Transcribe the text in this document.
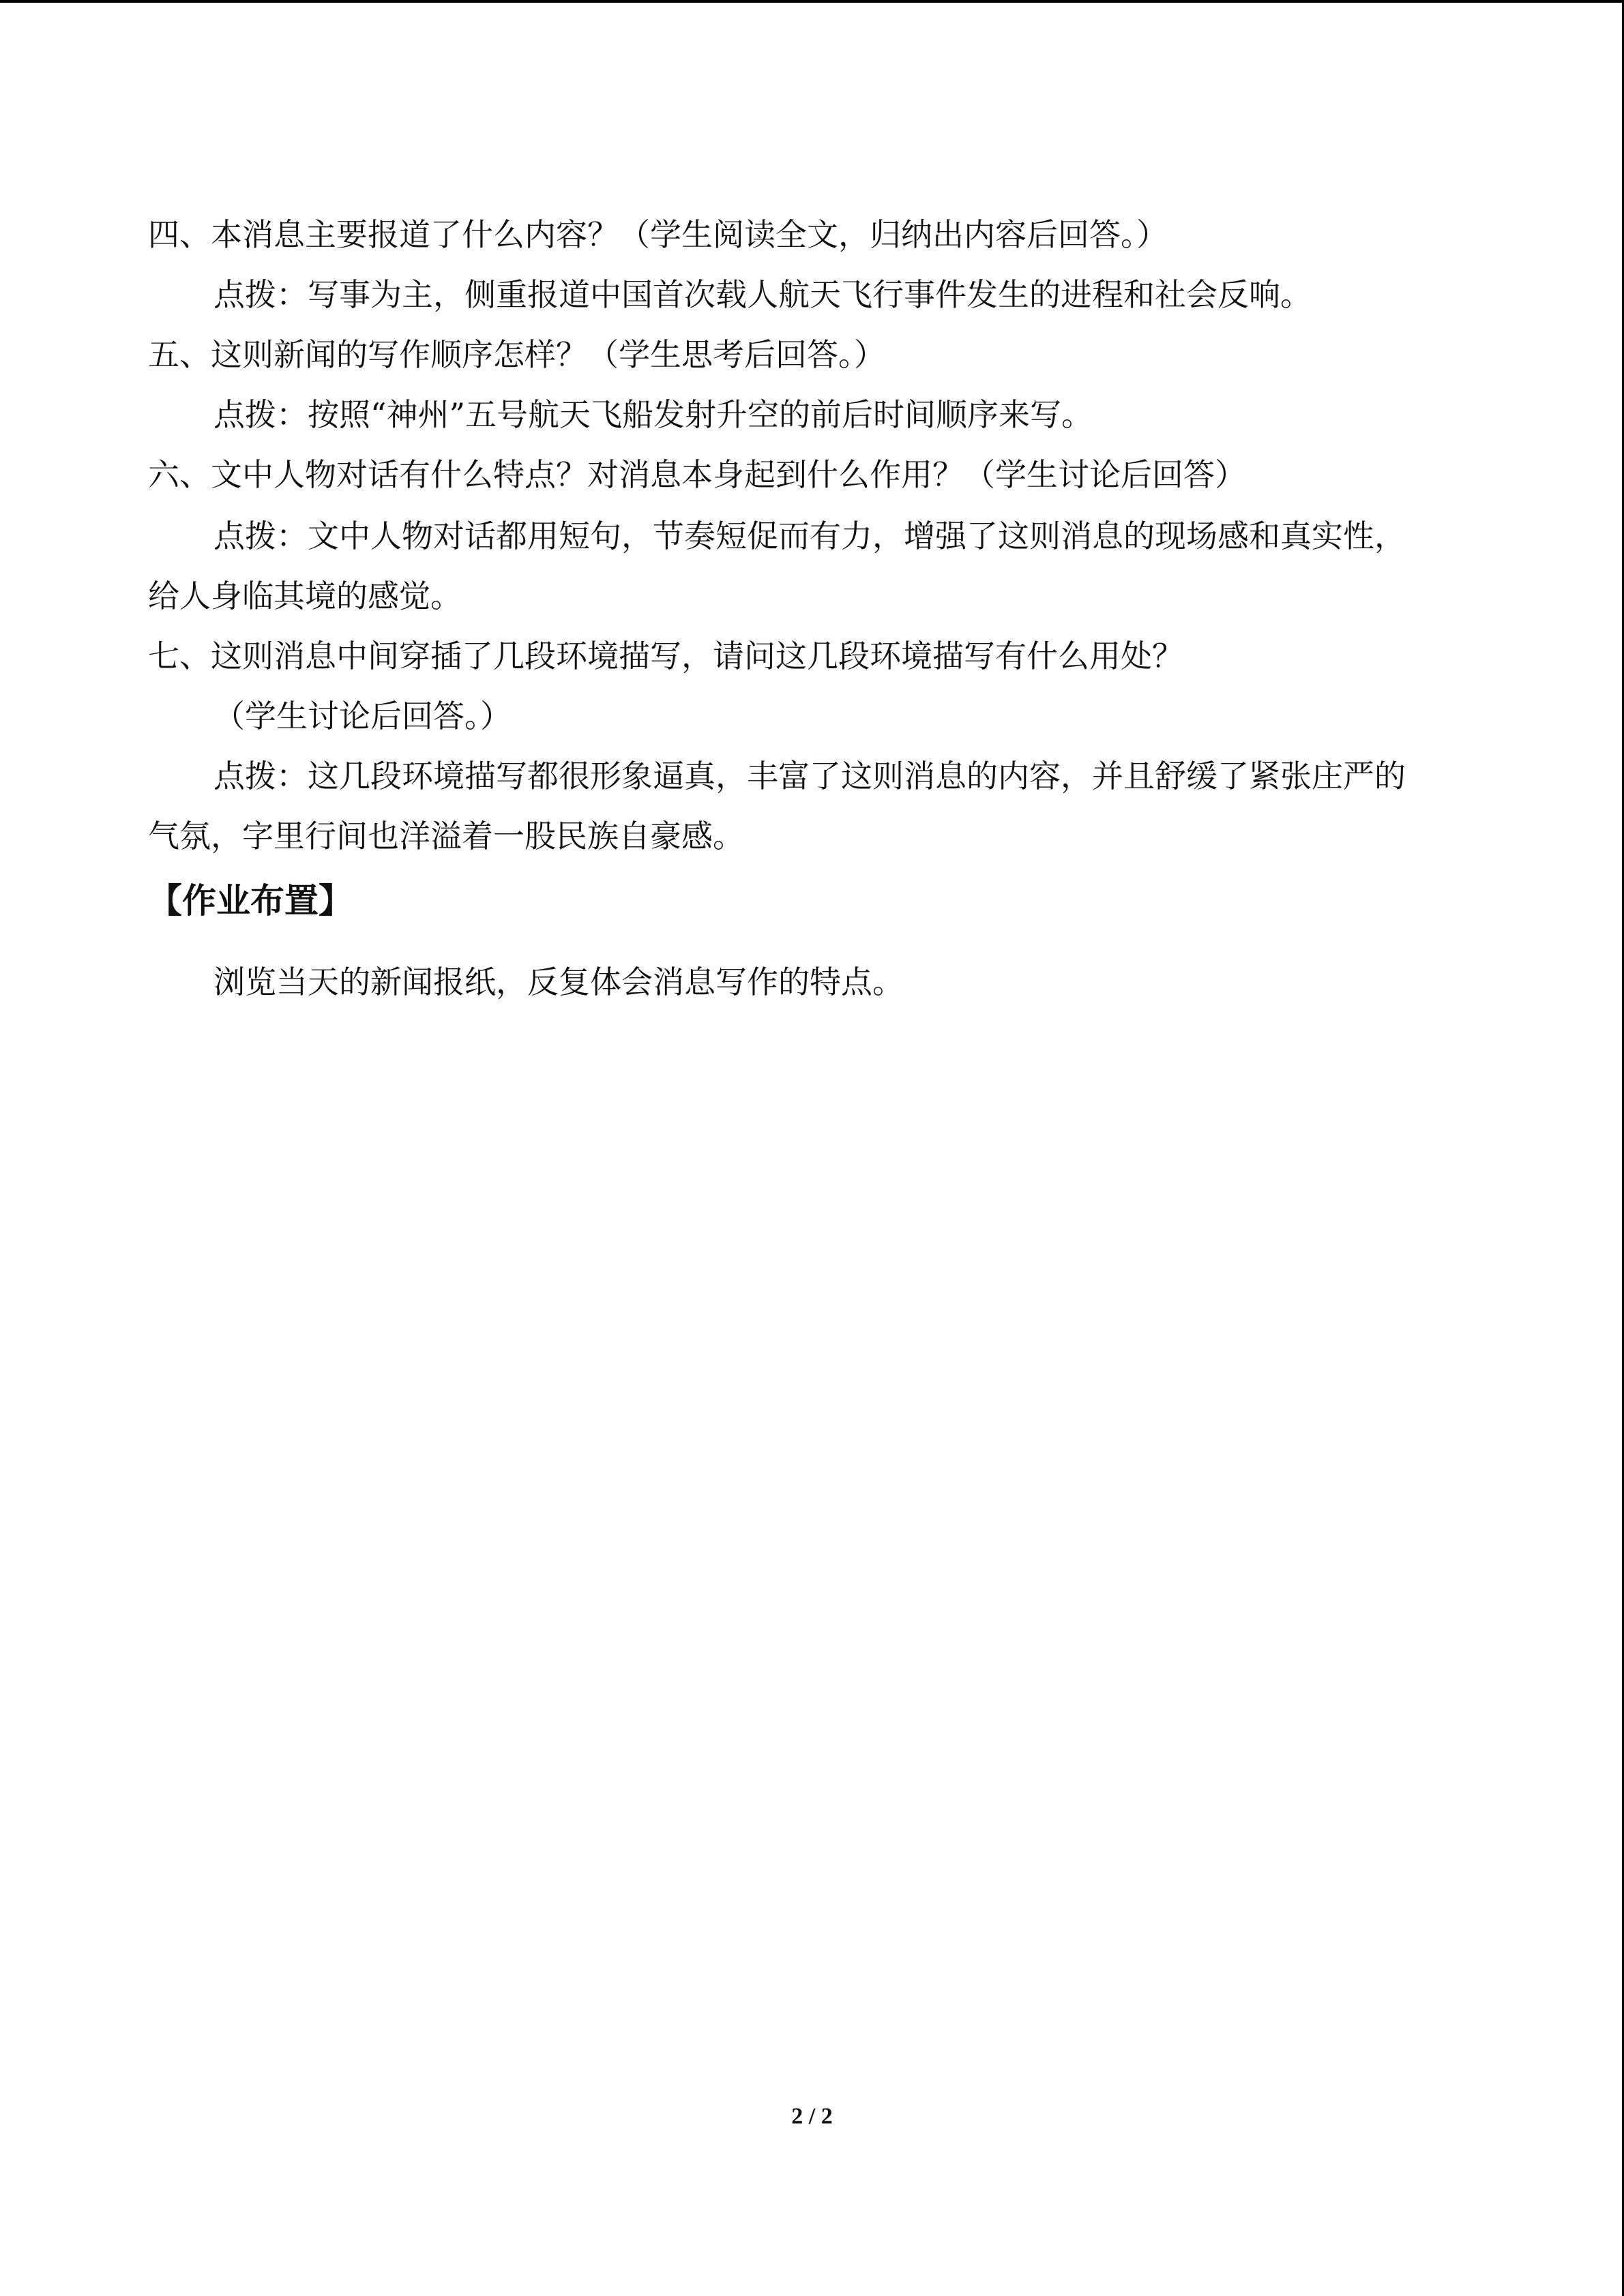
四、本消息主要报道了什么内容？（学生阅读全文，归纳出内容后回答。）
点拨：写事为主，侧重报道中国首次载人航天飞行事件发生的进程和社会反响。
五、这则新闻的写作顺序怎样？（学生思考后回答。）
点拨：按照“神州”五号航天飞船发射升空的前后时间顺序来写。
六、文中人物对话有什么特点？对消息本身起到什么作用？（学生讨论后回答）
点拨：文中人物对话都用短句，节奏短促而有力，增强了这则消息的现场感和真实性，
给人身临其境的感觉。
七、这则消息中间穿插了几段环境描写，请问这几段环境描写有什么用处？
（学生讨论后回答。）
点拨：这几段环境描写都很形象逼真，丰富了这则消息的内容，并且舒缓了紧张庄严的
气氛，字里行间也洋溢着一股民族自豪感。
【作业布置】
浏览当天的新闻报纸，反复体会消息写作的特点。
2 / 2
